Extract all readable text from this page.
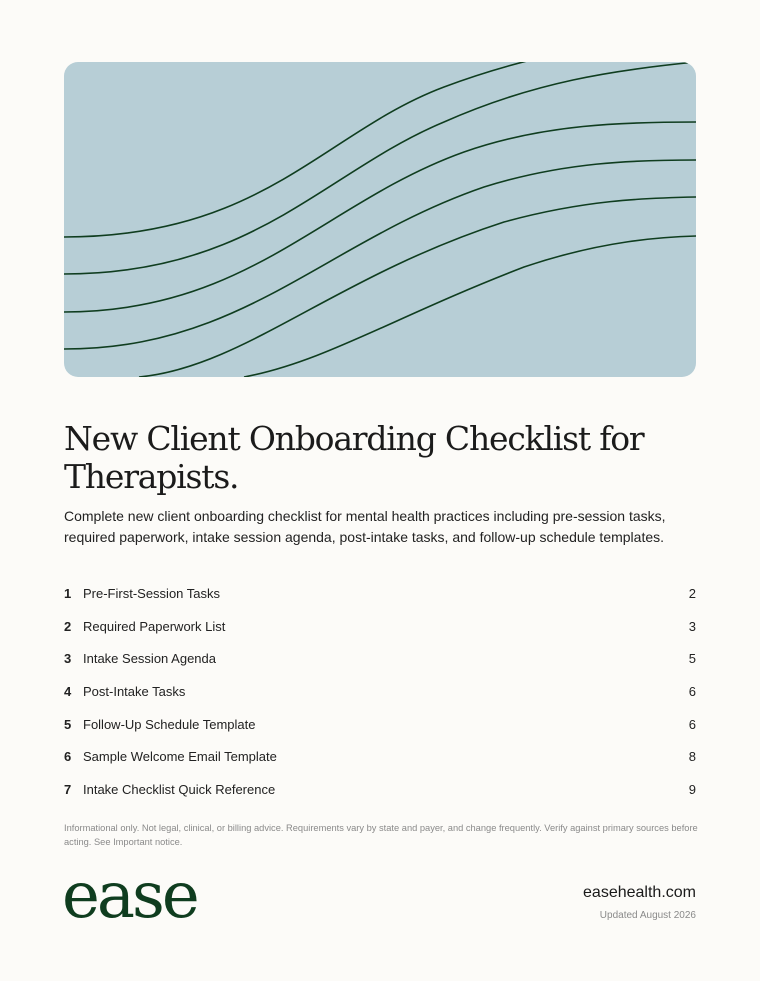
New Client Onboarding Checklist for Therapists.

Complete new client onboarding checklist for mental health practices including pre-session tasks, required paperwork, intake session agenda, post-intake tasks, and follow-up schedule templates.

1 Pre-First-Session Tasks	2
2 Required Paperwork List	3
3 Intake Session Agenda	5
4 Post-Intake Tasks	6
5 Follow-Up Schedule Template	6
6 Sample Welcome Email Template	8
7 Intake Checklist Quick Reference	9

Informational only. Not legal, clinical, or billing advice. Requirements vary by state and payer, and change frequently. Verify against primary sources before acting. See Important notice.

ease	easehealth.com
Updated August 2026
